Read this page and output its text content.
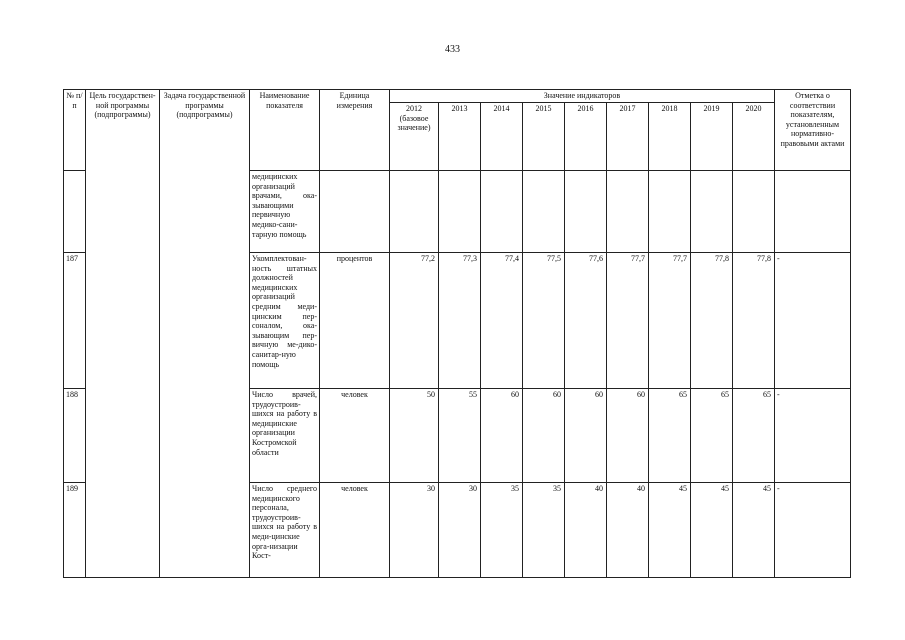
433
№ п/п	Цель государствен-ной программы (подпрограммы)	Задача государственной программы (подпрограммы)	Наименование показателя	Единица измерения	Значение индикаторов									Отметка о соответствии показателям, установленным нормативно-правовыми актами
					2012 (базовое значение)	2013	2014	2015	2016	2017	2018	2019	2020	
			медицинских организаций врачами, ока-зывающими первичную медико-сани-тарную помощь											
187			Укомплектован-ность штатных должностей медицинских организаций средним меди-цинским пер-соналом, ока-зывающим пер-вичную ме-дико-санитар-ную помощь	процентов	77,2	77,3	77,4	77,5	77,6	77,7	77,7	77,8	77,8	-
188			Число врачей, трудоустроив-шихся на работу в медицинские организации Костромской области	человек	50	55	60	60	60	60	65	65	65	-
189			Число среднего медицинского персонала, трудоустроив-шихся на работу в меди-цинские орга-низации Кост-	человек	30	30	35	35	40	40	45	45	45	-
